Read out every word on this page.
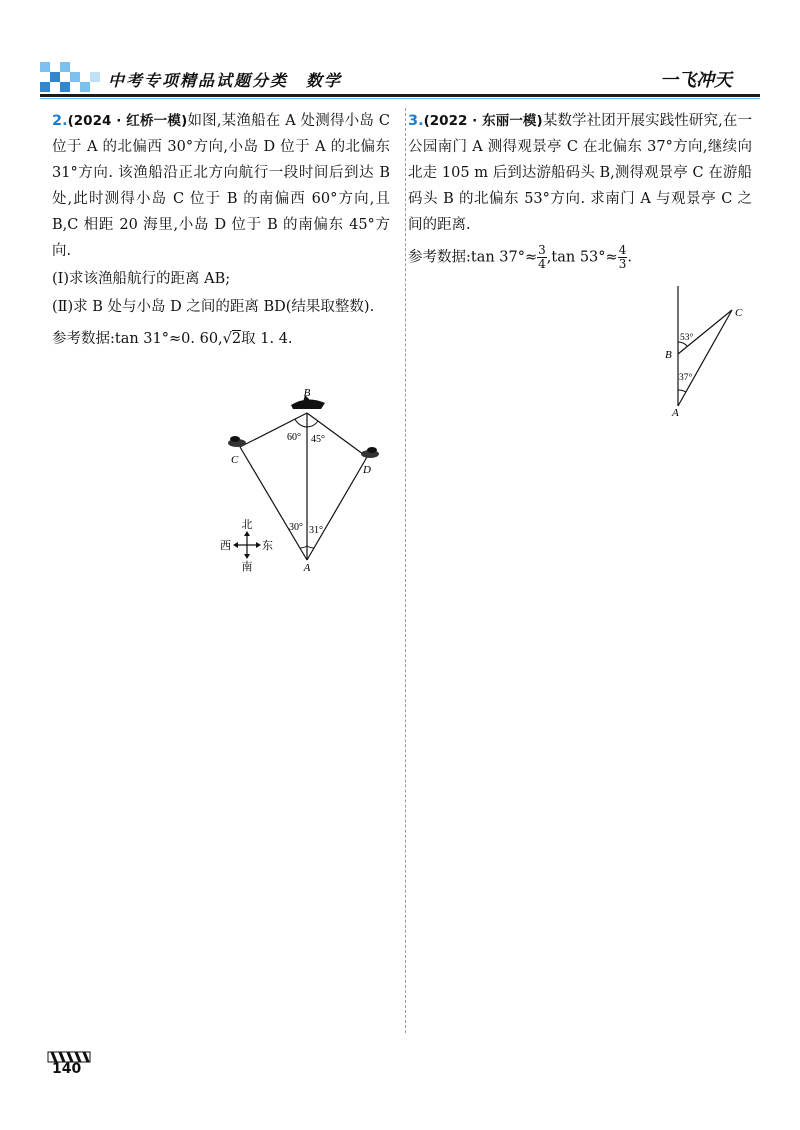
中考专项精品试题分类 数学	一飞冲天

2.(2024 · 红桥一模)如图,某渔船在 A 处测得小岛 C 位于 A 的北偏西 30°方向,小岛 D 位于 A 的北偏东 31°方向. 该渔船沿正北方向航行一段时间后到达 B 处,此时测得小岛 C 位于 B 的南偏西 60°方向,且 B,C 相距 20 海里,小岛 D 位于 B 的南偏东 45°方向.

(Ⅰ)求该渔船航行的距离 AB;

(Ⅱ)求 B 处与小岛 D 之间的距离 BD(结果取整数).

参考数据:tan 31°≈0. 60,√2取 1. 4.

B
A
C
D
60° 45°
30° 31°
北
南
西	东

3.(2022 · 东丽一模)某数学社团开展实践性研究,在一公园南门 A 测得观景亭 C 在北偏东 37°方向,继续向北走 105 m 后到达游船码头 B,测得观景亭 C 在游船码头 B 的北偏东 53°方向. 求南门 A 与观景亭 C 之间的距离.

参考数据:tan $37^\circ\approx \frac{3}{4} ,\tan$ $53^\circ\approx \frac{4}{3}$ .

C
B
A
53°
37°
140
